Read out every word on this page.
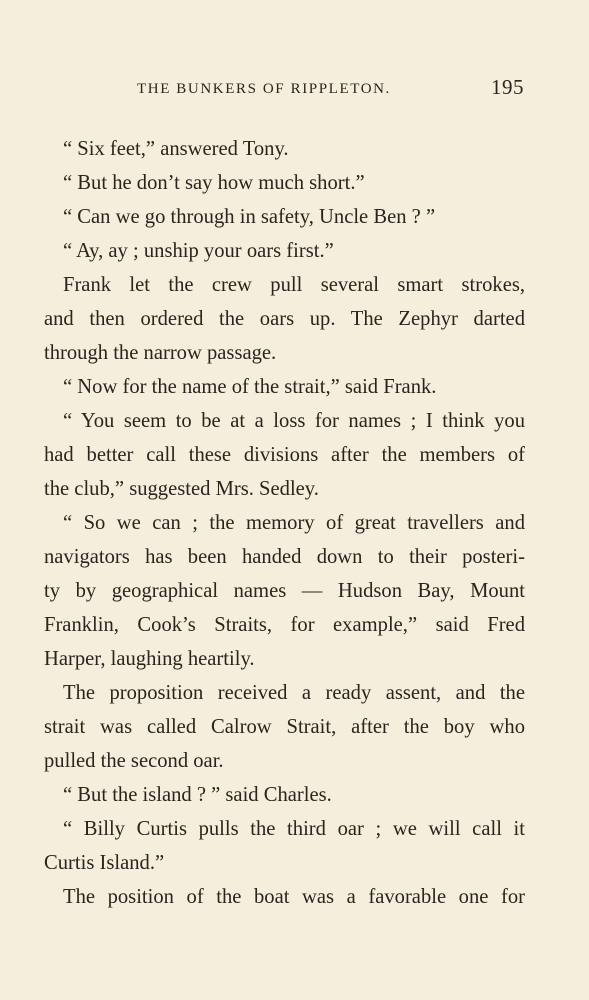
THE BUNKERS OF RIPPLETON.	195
“ Six feet,” answered Tony.
“ But he don’t say how much short.”
“ Can we go through in safety, Uncle Ben ? ”
“ Ay, ay ; unship your oars first.”
Frank let the crew pull several smart strokes,
and then ordered the oars up. The Zephyr darted
through the narrow passage.
“ Now for the name of the strait,” said Frank.
“ You seem to be at a loss for names ; I think you
had better call these divisions after the members of
the club,” suggested Mrs. Sedley.
“ So we can ; the memory of great travellers and
navigators has been handed down to their posteri-
ty by geographical names — Hudson Bay, Mount
Franklin, Cook’s Straits, for example,” said Fred
Harper, laughing heartily.
The proposition received a ready assent, and the
strait was called Calrow Strait, after the boy who
pulled the second oar.
“ But the island ? ” said Charles.
“ Billy Curtis pulls the third oar ; we will call it
Curtis Island.”
The position of the boat was a favorable one for
